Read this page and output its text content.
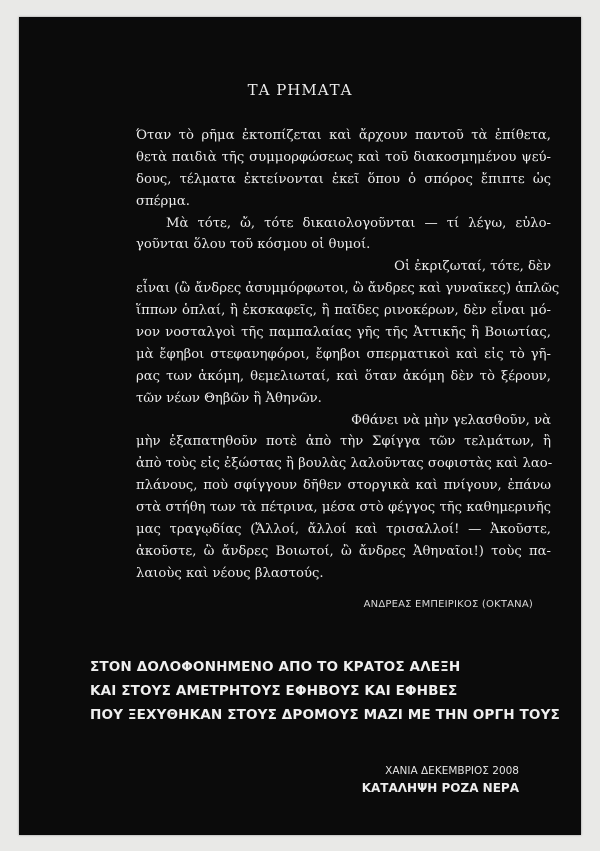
ΤΑ ΡΗΜΑΤΑ
Όταν τὸ ρῆμα ἐκτοπίζεται καὶ ἄρχουν παντοῦ τὰ ἐπίθετα,
θετὰ παιδιὰ τῆς συμμορφώσεως καὶ τοῦ διακοσμημένου ψεύ-
δους, τέλματα ἐκτείνονται ἐκεῖ ὅπου ὁ σπόρος ἔπιπτε ὡς
σπέρμα.
Μὰ τότε, ὤ, τότε δικαιολογοῦνται — τί λέγω, εὐλο-
γοῦνται ὅλου τοῦ κόσμου οἱ θυμοί.
Οἱ ἐκριζωταί, τότε, δὲν
εἶναι (ὢ ἄνδρες ἀσυμμόρφωτοι, ὢ ἄνδρες καὶ γυναῖκες) ἁπλῶς
ἵππων ὁπλαί, ἢ ἐκσκαφεῖς, ἢ παῖδες ρινοκέρων, δὲν εἶναι μό-
νον νοσταλγοὶ τῆς παμπαλαίας γῆς τῆς Ἀττικῆς ἢ Βοιωτίας,
μὰ ἔφηβοι στεφανηφόροι, ἔφηβοι σπερματικοὶ καὶ εἰς τὸ γῆ-
ρας των ἀκόμη, θεμελιωταί, καὶ ὅταν ἀκόμη δὲν τὸ ξέρουν,
τῶν νέων Θηβῶν ἢ Ἀθηνῶν.
Φθάνει νὰ μὴν γελασθοῦν, νὰ
μὴν ἐξαπατηθοῦν ποτὲ ἀπὸ τὴν Σφίγγα τῶν τελμάτων, ἢ
ἀπὸ τοὺς εἰς ἐξώστας ἢ βουλὰς λαλοῦντας σοφιστὰς καὶ λαο-
πλάνους, ποὺ σφίγγουν δῆθεν στοργικὰ καὶ πνίγουν, ἐπάνω
στὰ στήθη των τὰ πέτρινα, μέσα στὸ φέγγος τῆς καθημερινῆς
μας τραγῳδίας (Ἄλλοί, ἄλλοί καὶ τρισαλλοί! — Ἀκοῦστε,
ἀκοῦστε, ὢ ἄνδρες Βοιωτοί, ὢ ἄνδρες Ἀθηναῖοι!) τοὺς πα-
λαιοὺς καὶ νέους βλαστούς.
ΑΝΔΡΕΑΣ ΕΜΠΕΙΡΙΚΟΣ (ΟΚΤΑΝΑ)
ΣΤΟΝ ΔΟΛΟΦΟΝΗΜΕΝΟ ΑΠΟ ΤΟ ΚΡΑΤΟΣ ΑΛΕΞΗ
ΚΑΙ ΣΤΟΥΣ ΑΜΕΤΡΗΤΟΥΣ ΕΦΗΒΟΥΣ ΚΑΙ ΕΦΗΒΕΣ
ΠΟΥ ΞΕΧΥΘΗΚΑΝ ΣΤΟΥΣ ΔΡΟΜΟΥΣ ΜΑΖΙ ΜΕ ΤΗΝ ΟΡΓΗ ΤΟΥΣ
ΧΑΝΙΑ ΔΕΚΕΜΒΡΙΟΣ 2008
ΚΑΤΑΛΗΨΗ ΡΟΖΑ ΝΕΡΑ
